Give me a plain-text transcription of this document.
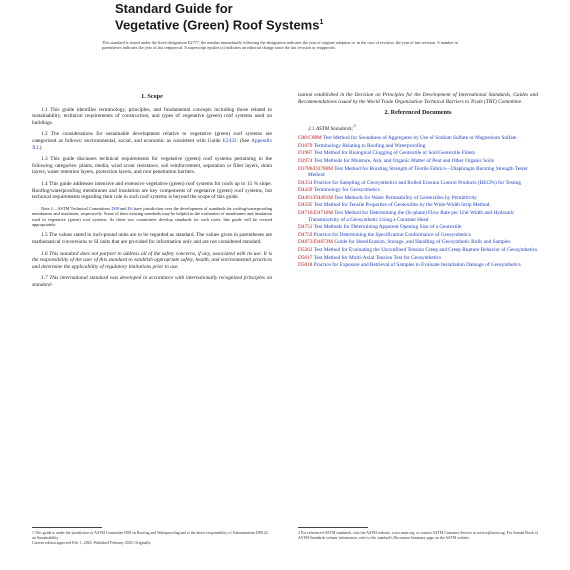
Standard Guide for
Vegetative (Green) Roof Systems$^1$
This standard is issued under the fixed designation E2777; the number immediately following the designation indicates the year of original adoption or, in the case of revision, the year of last revision. A number in parentheses indicates the year of last reapproval. A superscript epsilon (ε) indicates an editorial change since the last revision or reapproval.
1. Scope

1.1 This guide identifies terminology, principles, and fundamental concepts including those related to sustainability, technical requirements of construction, and types of vegetative (green) roof systems used on buildings.

1.2 The considerations for sustainable development relative to vegetative (green) roof systems are categorized as follows: environmental, social, and economic as consistent with Guide E2432. (See Appendix X1.)

1.3 This guide discusses technical requirements for vegetative (green) roof systems pertaining to the following categories: plants, media, wind scour resistance, soil reinforcement, separation or filter layers, drain layers, water retention layers, protection layers, and root penetration barriers.

1.4 This guide addresses intensive and extensive vegetative (green) roof systems for roofs up to 15 % slope. Roofing/waterproofing membranes and insulation are key components of vegetative (green) roof systems, but technical requirements regarding their role in such roof systems is beyond the scope of this guide.

Note 1—ASTM Technical Committees D08 and E6 have jurisdiction over the development of standards for roofing/waterproofing membranes and insulation, respectively. Some of their existing standards may be helpful in the evaluation of membranes and insulation used in vegetative (green) roof systems. As these two committees develop standards for such roofs, this guide will be revised appropriately.

1.5 The values stated in inch-pound units are to be regarded as standard. The values given in parentheses are mathematical conversions to SI units that are provided for information only and are not considered standard.

1.6 This standard does not purport to address all of the safety concerns, if any, associated with its use. It is the responsibility of the user of this standard to establish appropriate safety, health, and environmental practices and determine the applicability of regulatory limitations prior to use.

1.7 This international standard was developed in accordance with internationally recognized principles on standard-

ization established in the Decision on Principles for the Development of International Standards, Guides and Recommendations issued by the World Trade Organization Technical Barriers to Trade (TBT) Committee.

2. Referenced Documents
2.1 ASTM Standards:$^2$
C88/C88M Test Method for Soundness of Aggregates by Use of Sodium Sulfate or Magnesium Sulfate
D1079 Terminology Relating to Roofing and Waterproofing
D1987 Test Method for Biological Clogging of Geotextile or Soil/Geotextile Filters
D2974 Test Methods for Moisture, Ash, and Organic Matter of Peat and Other Organic Soils
D3786/D3786M Test Method for Bursting Strength of Textile Fabrics—Diaphragm Bursting Strength Tester Method
D4354 Practice for Sampling of Geosynthetics and Rolled Erosion Control Products (RECPs) for Testing
D4439 Terminology for Geosynthetics
D4491/D4491M Test Methods for Water Permeability of Geotextiles by Permittivity
D4595 Test Method for Tensile Properties of Geotextiles by the Wide-Width Strip Method
D4716/D4716M Test Method for Determining the (In-plane) Flow Rate per Unit Width and Hydraulic Transmissivity of a Geosynthetic Using a Constant Head
D4751 Test Methods for Determining Apparent Opening Size of a Geotextile
D4759 Practice for Determining the Specification Conformance of Geosynthetics
D4873/D4873M Guide for Identification, Storage, and Handling of Geosynthetic Rolls and Samples
D5262 Test Method for Evaluating the Unconfined Tension Creep and Creep Rupture Behavior of Geosynthetics
D5617 Test Method for Multi-Axial Tension Test for Geosynthetics
D5818 Practice for Exposure and Retrieval of Samples to Evaluate Installation Damage of Geosynthetics
1 This guide is under the jurisdiction of ASTM Committee D08 on Roofing and Waterproofing and is the direct responsibility of Subcommittee D08.24 on Sustainability.
Current edition approved Feb. 1, 2020. Published February 2020. Originally
2 For referenced ASTM standards, visit the ASTM website, www.astm.org, or contact ASTM Customer Service at service@astm.org. For Annual Book of ASTM Standards volume information, refer to the standard's Document Summary page on the ASTM website.
